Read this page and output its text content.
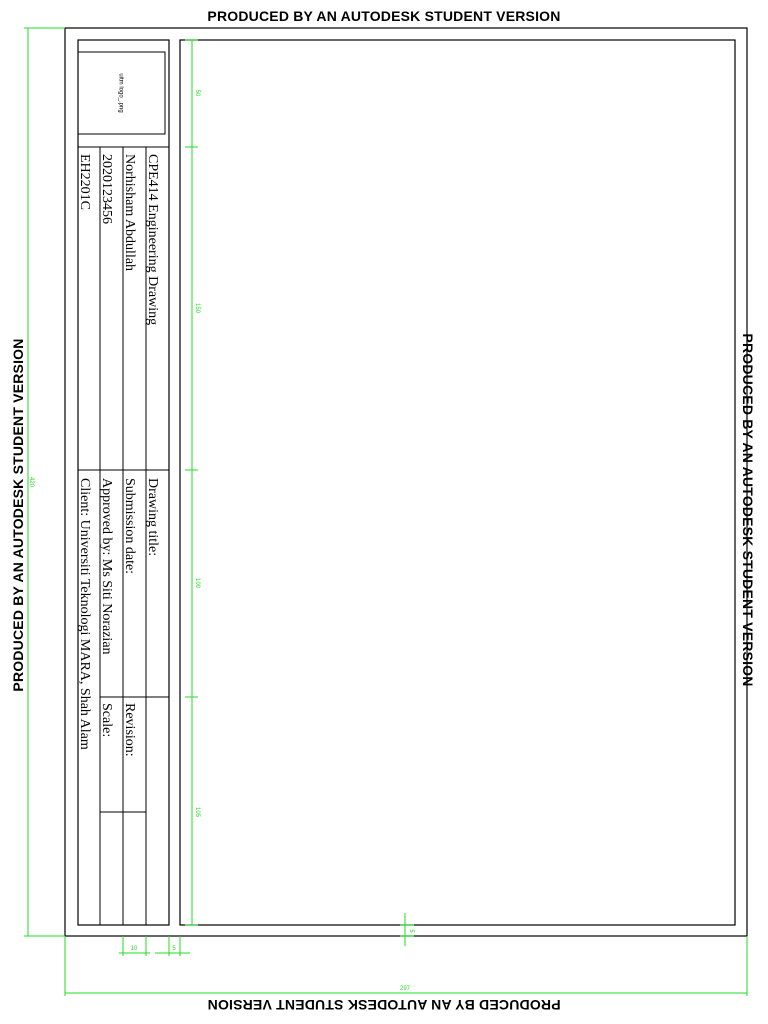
PRODUCED BY AN AUTODESK STUDENT VERSION
PRODUCED BY AN AUTODESK STUDENT VERSION
PRODUCED BY AN AUTODESK STUDENT VERSION	PRODUCED BY AN AUTODESK STUDENT VERSION
uitm logo_.png
CPE414 Engineering Drawing
Norhisham Abdullah
2020123456
EH2201C
Drawing title:
Submission date:
Approved by: Ms Siti Norazian
Client: Universiti Teknologi MARA, Shah Alam Revision:
Scale:
420
297
10	5
50
150
100
105
5
